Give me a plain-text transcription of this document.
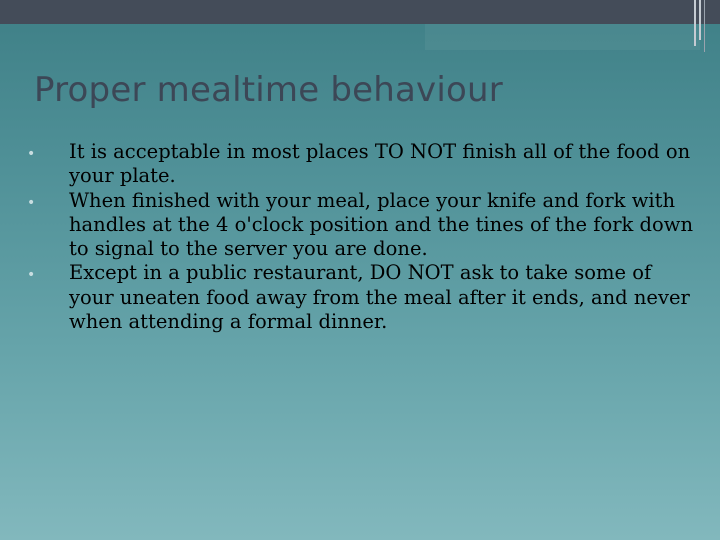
Proper mealtime behaviour
• It is acceptable in most places TO NOT finish all of the food on your plate.
• When finished with your meal, place your knife and fork with handles at the 4 o'clock position and the tines of the fork down to signal to the server you are done.
• Except in a public restaurant, DO NOT ask to take some of your uneaten food away from the meal after it ends, and never when attending a formal dinner.
